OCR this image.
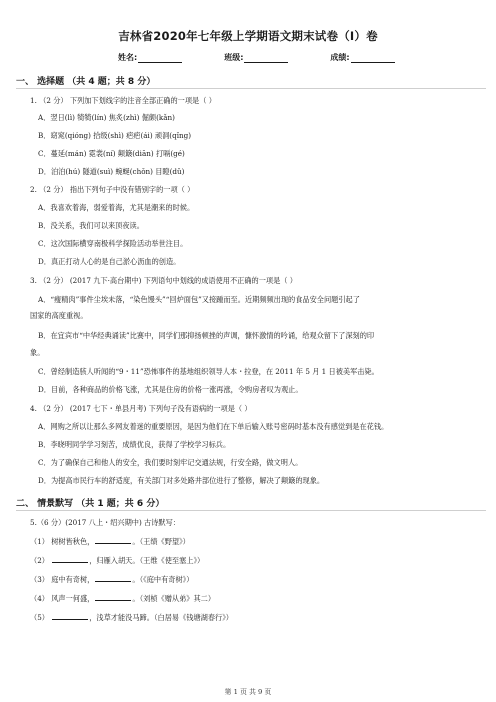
吉林省2020年七年级上学期语文期末试卷（I）卷
姓名:	班级:	成绩:
一、 选择题 （共 4 题；共 8 分）
1. （2 分） 下列加下划线字的注音全部正确的一项是（ ）
A．翌日(lì) 犄犄(lín) 焦炙(zhì) 倔颇(kǎn)
B．窈窕(qióng) 拾级(shì) 疤疤(ái) 顽洞(qǐng)
C．蔓延(mán) 霓裳(ní) 颠簸(diān) 打嗝(gé)
D．泊泊(hú) 隧道(suì) 蜿蜒(chǒn) 目瞪(dǔ)
2. （2 分） 指出下列句子中没有错别字的一项（ ）
A．我喜欢着海，弱爱着海，尤其是潮来的时候。
B．没关系，我们可以来顶夜读。
C．这次国际横穿南极科学探险活动举世注目。
D．真正打动人心的是自己淤心沥血的创造。
3. （2 分） (2017 九下·高台期中) 下列语句中划线的成语使用不正确的一项是（ ）
A．“瘦精肉”事件尘埃未落，“染色馒头”“回炉面包”又接踵而至。近期频频出现的食品安全问题引起了
国家的高度重视。
B．在宜宾市“中华经典诵读”比赛中，同学们那抑扬顿挫的声调，慷怀激情的吟诵，给观众留下了深刻的印
象。
C．曾经制造骇人听闻的“9・11”恐怖事件的基地组织领导人本・拉登，在 2011 年 5 月 1 日被美军击毙。
D．目前，各种商品的价格飞涨，尤其是住房的价格一涨再涨，令购房者叹为观止。
4. （2 分） (2017 七下・单县月考) 下列句子没有语病的一项是（ ）
A．网购之所以让那么多网友着迷的重要原因，是因为他们在下单后输入账号密码时基本没有感觉到是在花钱。
B．李晓明同学学习刻苦，成绩优良，获得了学校学习标兵。
C．为了确保自己和他人的安全，我们要时刻牢记交通法规，行安全路，做文明人。
D．为提高市民行车的舒适度，有关部门对多处路井部位进行了整修，解决了颠簸的现象。
二、 情景默写 （共 1 题；共 6 分）
5.（6 分）(2017 八上・绍兴期中) 古诗默写：
（1） 树树皆秋色，	。（王绩《野望》）
（2）	，归雁入胡天。（王维《使至塞上》）
（3） 庭中有奇树，	。（《庭中有奇树》）
（4） 风声一何盛，	。（刘桢《赠从弟》其二）
（5）	，浅草才能没马蹄。（白居易《钱塘湖春行》）
第 1 页 共 9 页
